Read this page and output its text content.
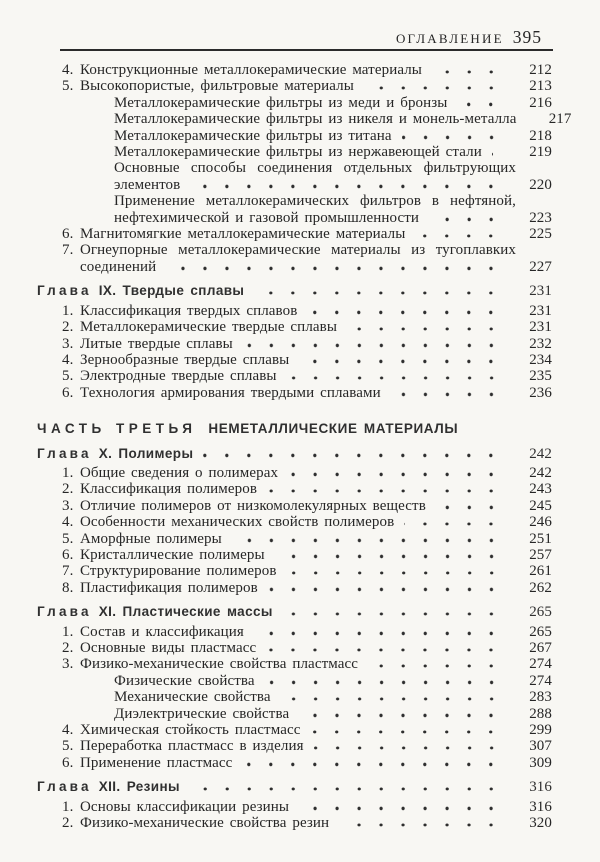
ОГЛАВЛЕНИЕ 395
4. Конструкционные металлокерамические материалы	212
5. Высокопористые, фильтровые материалы	213
Металлокерамические фильтры из меди и бронзы	216
Металлокерамические фильтры из никеля и монель-металла	217
Металлокерамические фильтры из титана	218
Металлокерамические фильтры из нержавеющей стали	219
Основные способы соединения отдельных фильтрующих
элементов	220
Применение металлокерамических фильтров в нефтяной,
нефтехимической и газовой промышленности	223
6. Магнитомягкие металлокерамические материалы	225
7. Огнеупорные металлокерамические материалы из тугоплавких
соединений	227
Глава IX. Твердые сплавы	231
1. Классификация твердых сплавов	231
2. Металлокерамические твердые сплавы	231
3. Литые твердые сплавы	232
4. Зернообразные твердые сплавы	234
5. Электродные твердые сплавы	235
6. Технология армирования твердыми сплавами	236
ЧАСТЬ ТРЕТЬЯ НЕМЕТАЛЛИЧЕСКИЕ МАТЕРИАЛЫ
Глава X. Полимеры	242
1. Общие сведения о полимерах	242
2. Классификация полимеров	243
3. Отличие полимеров от низкомолекулярных веществ	245
4. Особенности механических свойств полимеров	246
5. Аморфные полимеры	251
6. Кристаллические полимеры	257
7. Структурирование полимеров	261
8. Пластификация полимеров	262
Глава XI. Пластические массы	265
1. Состав и классификация	265
2. Основные виды пластмасс	267
3. Физико-механические свойства пластмасс	274
Физические свойства	274
Механические свойства	283
Диэлектрические свойства	288
4. Химическая стойкость пластмасс	299
5. Переработка пластмасс в изделия	307
6. Применение пластмасс	309
Глава XII. Резины	316
1. Основы классификации резины	316
2. Физико-механические свойства резин	320
